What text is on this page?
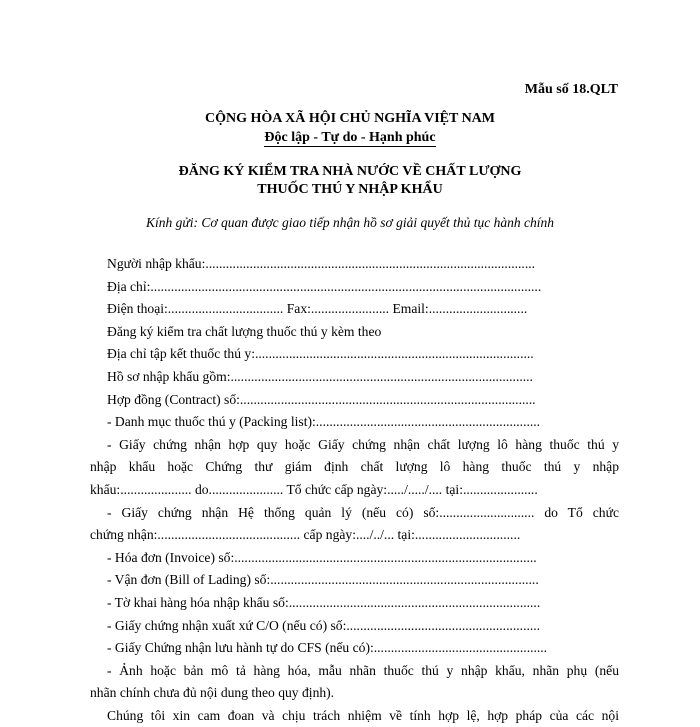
Mẫu số 18.QLT
CỘNG HÒA XÃ HỘI CHỦ NGHĨA VIỆT NAM
Độc lập - Tự do - Hạnh phúc
ĐĂNG KÝ KIỂM TRA NHÀ NƯỚC VỀ CHẤT LƯỢNG
THUỐC THÚ Y NHẬP KHẨU
Kính gửi: Cơ quan được giao tiếp nhận hồ sơ giải quyết thủ tục hành chính
Người nhập khẩu:.................................................................................................
Địa chỉ:...................................................................................................................
Điện thoại:.................................. Fax:....................... Email:.............................
Đăng ký kiểm tra chất lượng thuốc thú y kèm theo
Địa chỉ tập kết thuốc thú y:..................................................................................
Hồ sơ nhập khẩu gồm:.........................................................................................
Hợp đồng (Contract) số:.......................................................................................
- Danh mục thuốc thú y (Packing list):..................................................................
- Giấy chứng nhận hợp quy hoặc Giấy chứng nhận chất lượng lô hàng thuốc thú y
nhập khẩu hoặc Chứng thư giám định chất lượng lô hàng thuốc thú y nhập
khẩu:..................... do...................... Tổ chức cấp ngày:...../...../.... tại:......................
- Giấy chứng nhận Hệ thống quản lý (nếu có) số:............................ do Tổ chức
chứng nhận:.......................................... cấp ngày:..../../... tại:...............................
- Hóa đơn (Invoice) số:.........................................................................................
- Vận đơn (Bill of Lading) số:...............................................................................
- Tờ khai hàng hóa nhập khẩu số:..........................................................................
- Giấy chứng nhận xuất xứ C/O (nếu có) số:.........................................................
- Giấy Chứng nhận lưu hành tự do CFS (nếu có):...................................................
- Ảnh hoặc bản mô tả hàng hóa, mẫu nhãn thuốc thú y nhập khẩu, nhãn phụ (nếu
nhãn chính chưa đủ nội dung theo quy định).
Chúng tôi xin cam đoan và chịu trách nhiệm về tính hợp lệ, hợp pháp của các nội
